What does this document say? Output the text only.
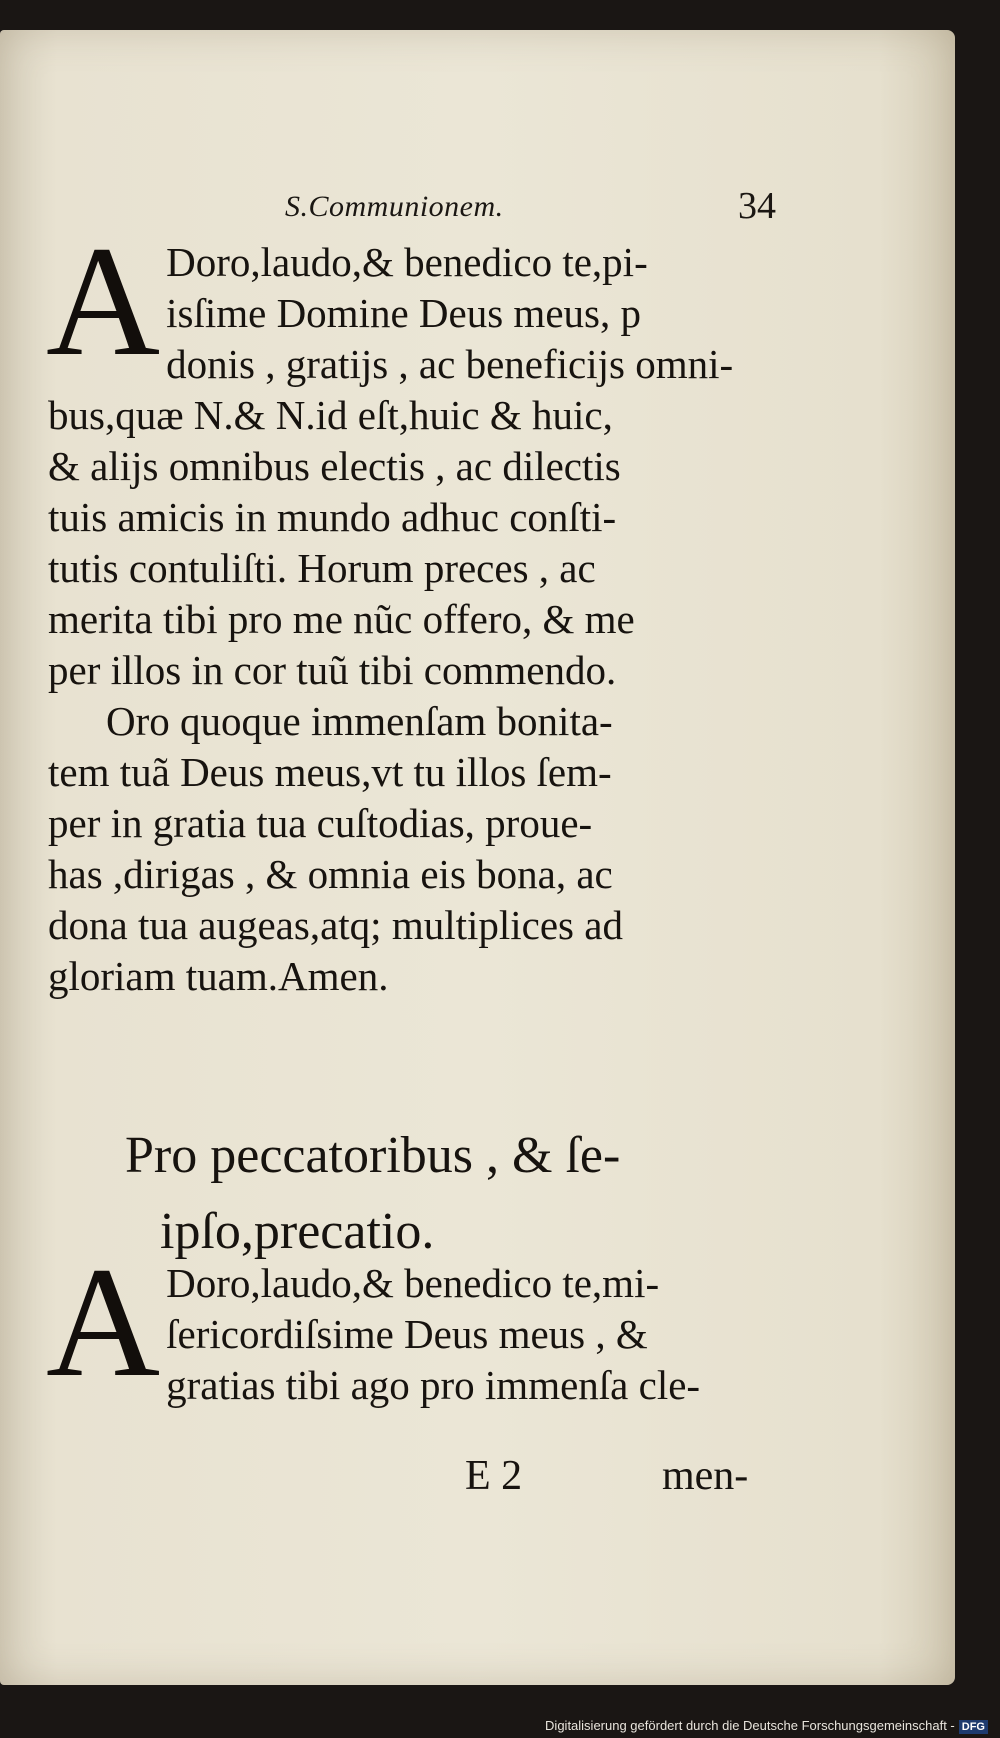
S.Communionem.	34
A Doro,laudo,& benedico te,pi-
isſime Domine Deus meus, p
donis , gratijs , ac beneficijs omni-
bus,quæ N.& N.id eſt,huic & huic,
& alijs omnibus electis , ac dilectis
tuis amicis in mundo adhuc conſti-
tutis contuliſti. Horum preces , ac
merita tibi pro me nũc offero, & me
per illos in cor tuũ tibi commendo.
Oro quoque immenſam bonita-
tem tuã Deus meus,vt tu illos ſem-
per in gratia tua cuſtodias, proue-
has ,dirigas , & omnia eis bona, ac
dona tua augeas,atq; multiplices ad
gloriam tuam.Amen.
Pro peccatoribus , & ſe-
ipſo,precatio.
A Doro,laudo,& benedico te,mi-
ſericordiſsime Deus meus , &
gratias tibi ago pro immenſa cle-
E 2	men-
Digitalisierung gefördert durch die Deutsche Forschungsgemeinschaft - DFG
